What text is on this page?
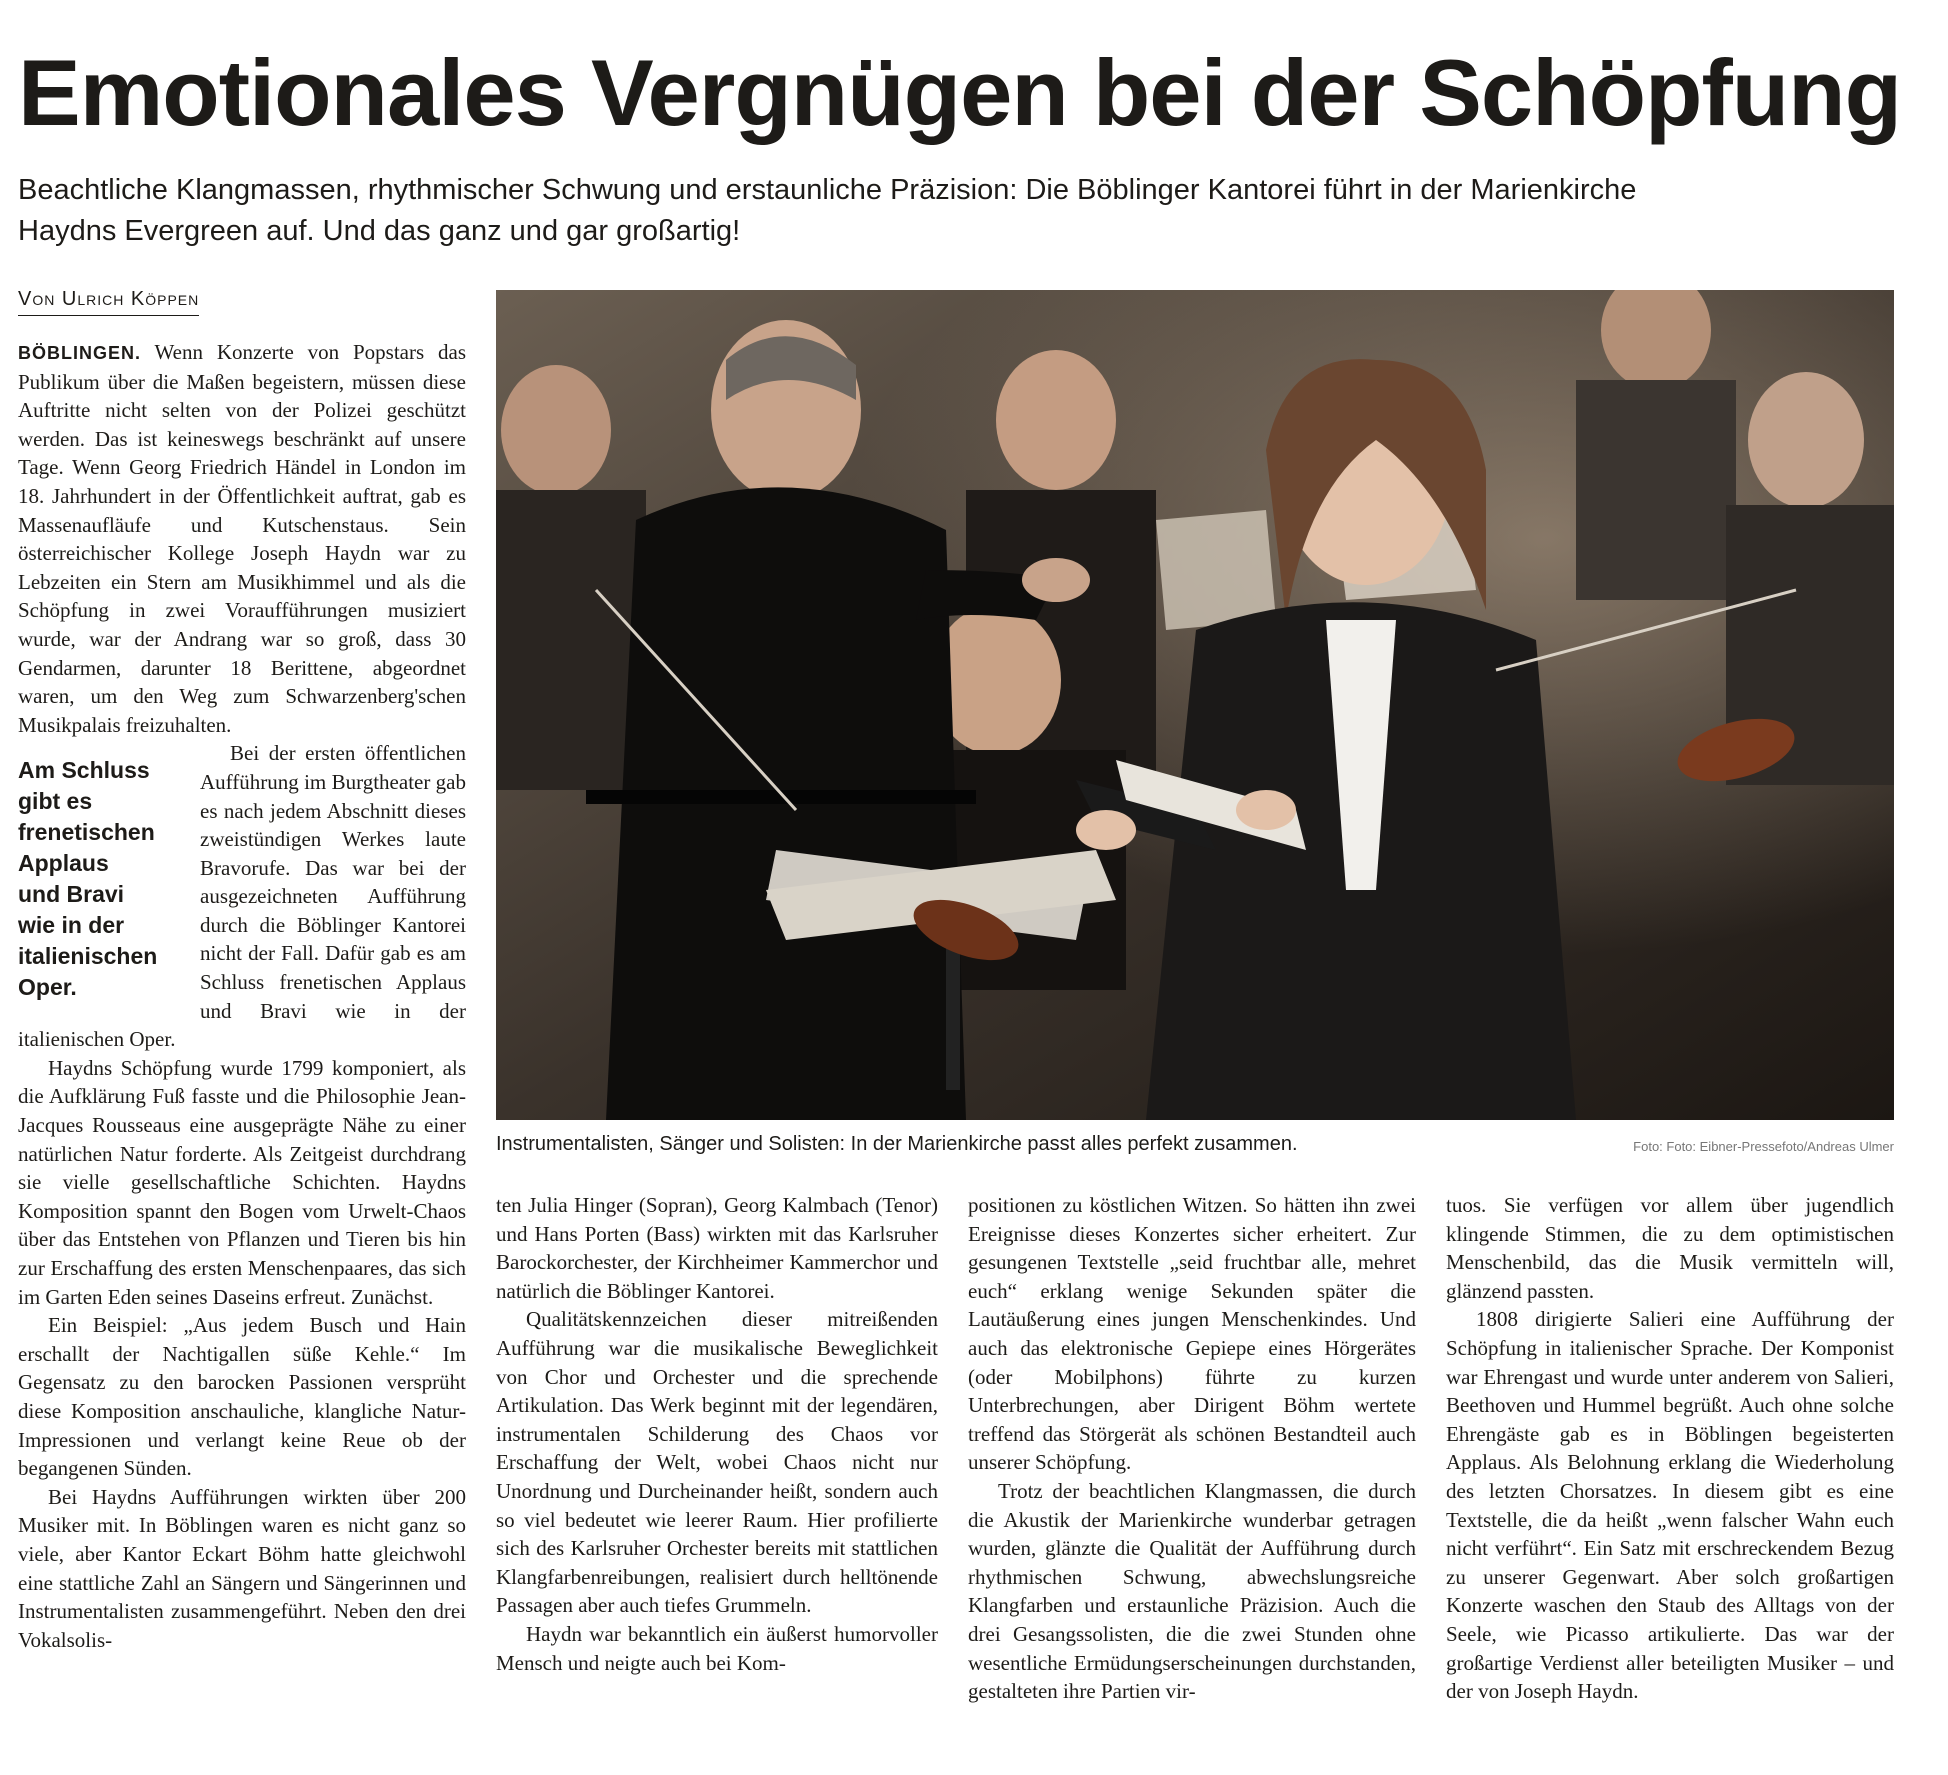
Emotionales Vergnügen bei der Schöpfung
Beachtliche Klangmassen, rhythmischer Schwung und erstaunliche Präzision: Die Böblinger Kantorei führt in der Marienkirche
Haydns Evergreen auf. Und das ganz und gar großartig!
Von Ulrich Köppen

BÖBLINGEN. Wenn Konzerte von Popstars das Publikum über die Maßen begeistern, müssen diese Auftritte nicht selten von der Polizei geschützt werden. Das ist keineswegs beschränkt auf unsere Tage. Wenn Georg Friedrich Händel in London im 18. Jahrhundert in der Öffentlichkeit auftrat, gab es Massenaufläufe und Kutschenstaus. Sein österreichischer Kollege Joseph Haydn war zu Lebzeiten ein Stern am Musikhimmel und als die Schöpfung in zwei Voraufführungen musiziert wurde, war der Andrang war so groß, dass 30 Gendarmen, darunter 18 Berittene, abgeordnet waren, um den Weg zum Schwarzenberg'schen Musikpalais freizuhalten.

Am Schluss
gibt es
frenetischen
Applaus
und Bravi
wie in der
italienischen
Oper.

Bei der ersten öffentlichen Aufführung im Burgtheater gab es nach jedem Abschnitt dieses zweistündigen Werkes laute Bravorufe. Das war bei der ausgezeichneten Aufführung durch die Böblinger Kantorei nicht der Fall. Dafür gab es am Schluss frenetischen Applaus und Bravi wie in der italienischen Oper.

Haydns Schöpfung wurde 1799 komponiert, als die Aufklärung Fuß fasste und die Philosophie Jean-Jacques Rousseaus eine ausgeprägte Nähe zu einer natürlichen Natur forderte. Als Zeitgeist durchdrang sie vielle gesellschaftliche Schichten. Haydns Komposition spannt den Bogen vom Urwelt-Chaos über das Entstehen von Pflanzen und Tieren bis hin zur Erschaffung des ersten Menschenpaares, das sich im Garten Eden seines Daseins erfreut. Zunächst.

Ein Beispiel: „Aus jedem Busch und Hain erschallt der Nachtigallen süße Kehle.“ Im Gegensatz zu den barocken Passionen versprüht diese Komposition anschauliche, klangliche Natur-Impressionen und verlangt keine Reue ob der begangenen Sünden.

Bei Haydns Aufführungen wirkten über 200 Musiker mit. In Böblingen waren es nicht ganz so viele, aber Kantor Eckart Böhm hatte gleichwohl eine stattliche Zahl an Sängern und Sängerinnen und Instrumentalisten zusammengeführt. Neben den drei Vokalsolis-

Instrumentalisten, Sänger und Solisten: In der Marienkirche passt alles perfekt zusammen.	Foto: Foto: Eibner-Pressefoto/Andreas Ulmer

ten Julia Hinger (Sopran), Georg Kalmbach (Tenor) und Hans Porten (Bass) wirkten mit das Karlsruher Barockorchester, der Kirchheimer Kammerchor und natürlich die Böblinger Kantorei.

Qualitätskennzeichen dieser mitreißenden Aufführung war die musikalische Beweglichkeit von Chor und Orchester und die sprechende Artikulation. Das Werk beginnt mit der legendären, instrumentalen Schilderung des Chaos vor Erschaffung der Welt, wobei Chaos nicht nur Unordnung und Durcheinander heißt, sondern auch so viel bedeutet wie leerer Raum. Hier profilierte sich des Karlsruher Orchester bereits mit stattlichen Klangfarbenreibungen, realisiert durch helltönende Passagen aber auch tiefes Grummeln.

Haydn war bekanntlich ein äußerst humorvoller Mensch und neigte auch bei Kom-

positionen zu köstlichen Witzen. So hätten ihn zwei Ereignisse dieses Konzertes sicher erheitert. Zur gesungenen Textstelle „seid fruchtbar alle, mehret euch“ erklang wenige Sekunden später die Lautäußerung eines jungen Menschenkindes. Und auch das elektronische Gepiepe eines Hörgerätes (oder Mobilphons) führte zu kurzen Unterbrechungen, aber Dirigent Böhm wertete treffend das Störgerät als schönen Bestandteil auch unserer Schöpfung.

Trotz der beachtlichen Klangmassen, die durch die Akustik der Marienkirche wunderbar getragen wurden, glänzte die Qualität der Aufführung durch rhythmischen Schwung, abwechslungsreiche Klangfarben und erstaunliche Präzision. Auch die drei Gesangssolisten, die die zwei Stunden ohne wesentliche Ermüdungserscheinungen durchstanden, gestalteten ihre Partien vir-

tuos. Sie verfügen vor allem über jugendlich klingende Stimmen, die zu dem optimistischen Menschenbild, das die Musik vermitteln will, glänzend passten.

1808 dirigierte Salieri eine Aufführung der Schöpfung in italienischer Sprache. Der Komponist war Ehrengast und wurde unter anderem von Salieri, Beethoven und Hummel begrüßt. Auch ohne solche Ehrengäste gab es in Böblingen begeisterten Applaus. Als Belohnung erklang die Wiederholung des letzten Chorsatzes. In diesem gibt es eine Textstelle, die da heißt „wenn falscher Wahn euch nicht verführt“. Ein Satz mit erschreckendem Bezug zu unserer Gegenwart. Aber solch großartigen Konzerte waschen den Staub des Alltags von der Seele, wie Picasso artikulierte. Das war der großartige Verdienst aller beteiligten Musiker – und der von Joseph Haydn.
